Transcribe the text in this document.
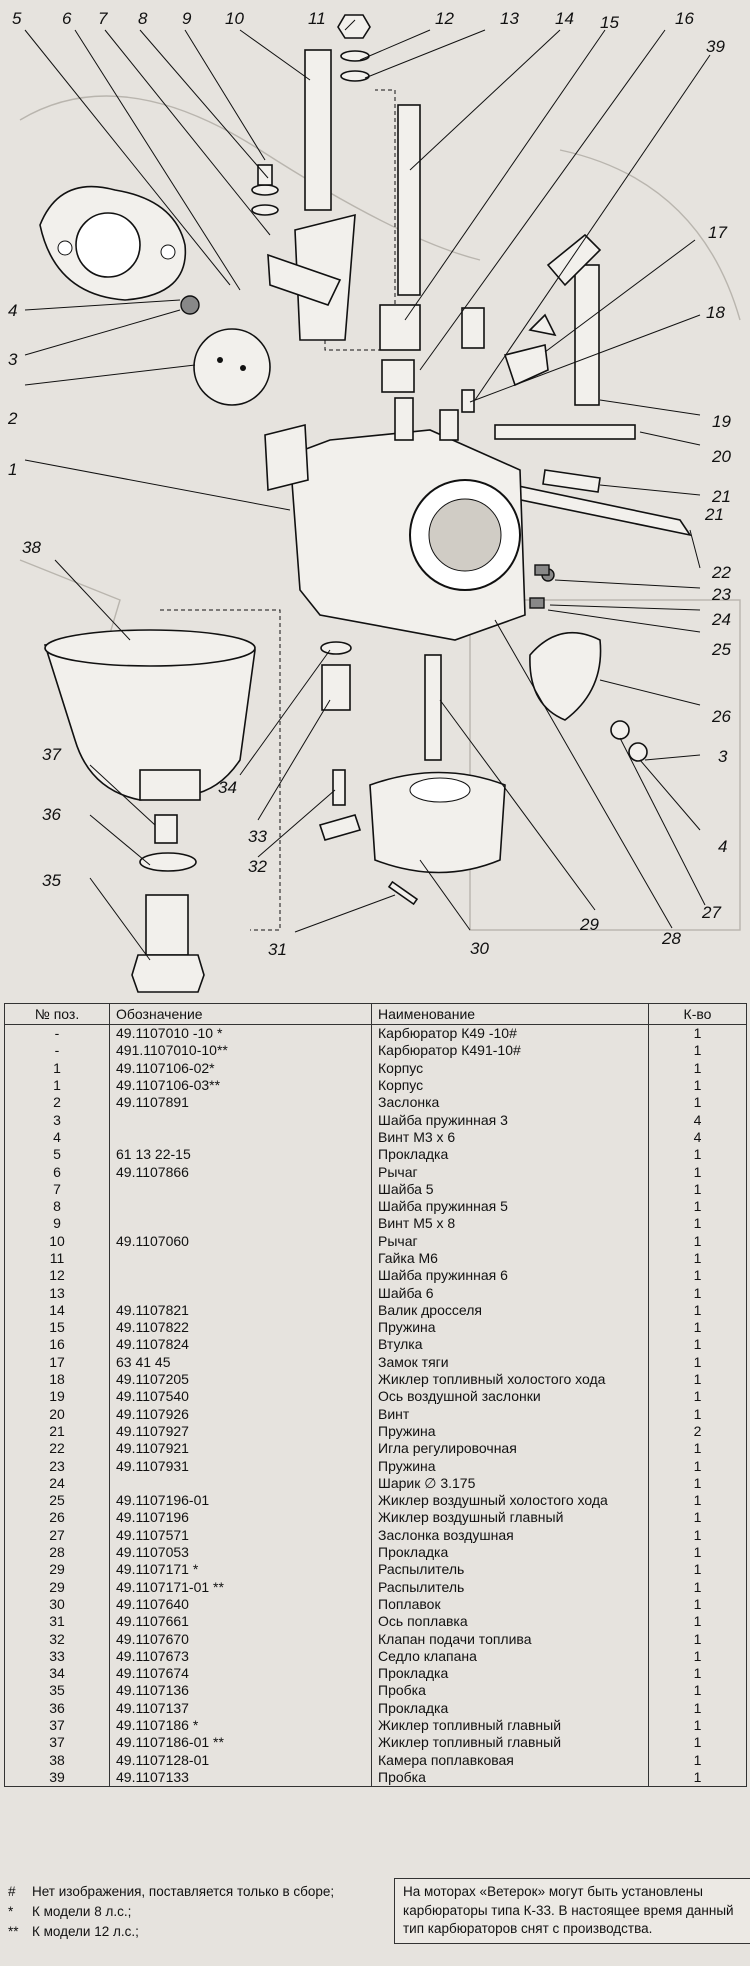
5 6 7 8 9 10	11	12	13 14 15	16
39
17
18
19
20
21
22
23
24
25
26
3
4
27
28
29
30
31
32
33
34
35
36
37
38
1
2
3
4
21
№ поз.	Обозначение	Наименование	К-во
-	49.1107010 -10 *	Карбюратор К49 -10#	1
-	491.1107010-10**	Карбюратор К491-10#	1
1	49.1107106-02*	Корпус	1
1	49.1107106-03**	Корпус	1
2	49.1107891	Заслонка	1
3		Шайба пружинная 3	4
4		Винт M3 x 6	4
5	61 13 22-15	Прокладка	1
6	49.1107866	Рычаг	1
7		Шайба 5	1
8		Шайба пружинная 5	1
9		Винт M5 x 8	1
10	49.1107060	Рычаг	1
11		Гайка M6	1
12		Шайба пружинная 6	1
13		Шайба 6	1
14	49.1107821	Валик дросселя	1
15	49.1107822	Пружина	1
16	49.1107824	Втулка	1
17	63 41 45	Замок тяги	1
18	49.1107205	Жиклер топливный холостого хода	1
19	49.1107540	Ось воздушной заслонки	1
20	49.1107926	Винт	1
21	49.1107927	Пружина	2
22	49.1107921	Игла регулировочная	1
23	49.1107931	Пружина	1
24		Шарик ∅ 3.175	1
25	49.1107196-01	Жиклер воздушный холостого хода	1
26	49.1107196	Жиклер воздушный главный	1
27	49.1107571	Заслонка воздушная	1
28	49.1107053	Прокладка	1
29	49.1107171 *	Распылитель	1
29	49.1107171-01 **	Распылитель	1
30	49.1107640	Поплавок	1
31	49.1107661	Ось поплавка	1
32	49.1107670	Клапан подачи топлива	1
33	49.1107673	Седло клапана	1
34	49.1107674	Прокладка	1
35	49.1107136	Пробка	1
36	49.1107137	Прокладка	1
37	49.1107186 *	Жиклер топливный главный	1
37	49.1107186-01 **	Жиклер топливный главный	1
38	49.1107128-01	Камера поплавковая	1
39	49.1107133	Пробка	1
#	Нет изображения, поставляется только в сборе;
*	К модели 8 л.с.;
** К модели 12 л.с.;
На моторах «Ветерок» могут быть установлены карбюраторы типа К-33. В настоящее время данный тип карбюраторов снят с производства.
